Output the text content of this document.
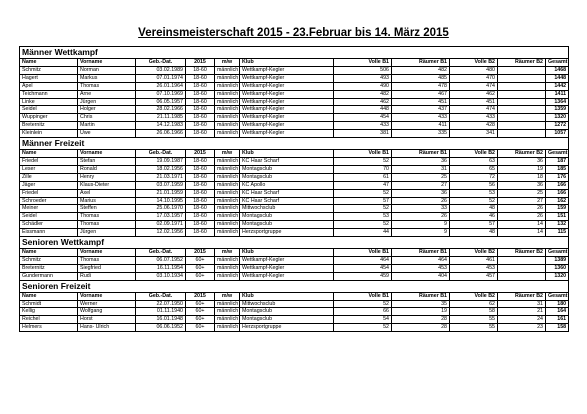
Vereinsmeisterschaft 2015 - 23.Februar bis 14. März 2015
Männer Wettkampf										
Name	Vorname	Geb.-Dat.	2015	m/w	Klub	Volle B1	Räumer B1	Volle B2	Räumer B2	Gesamt
Schmitz	Norman	03.02.1989	18-60	männlich	Wettkampf-Kegler	506	482	480		1468
Hagert	Markus	07.01.1974	18-60	männlich	Wettkampf-Kegler	493	485	470		1448
Apel	Thomas	26.01.1964	18-60	männlich	Wettkampf-Kegler	490	478	474		1442
Teichmann	Arne	07.10.1969	18-60	männlich	Wettkampf-Kegler	482	467	462		1411
Linke	Jürgen	06.05.1957	18-60	männlich	Wettkampf-Kegler	462	451	451		1364
Seidel	Holger	28.02.1966	18-60	männlich	Wettkampf-Kegler	448	437	474		1359
Wuppinger	Chris	21.11.1985	18-60	männlich	Wettkampf-Kegler	454	433	433		1320
Breternitz	Martin	14.12.1983	18-60	männlich	Wettkampf-Kegler	433	411	428		1272
Kleinlein	Uwe	26.06.1966	18-60	männlich	Wettkampf-Kegler	381	335	341		1057
Männer Freizeit										
Name	Vorname	Geb.-Dat.	2015	m/w	Klub	Volle B1	Räumer B1	Volle B2	Räumer B2	Gesamt
Friedel	Stefan	19.09.1987	18-60	männlich	KC Haar Scharf	52	36	63	36	187
Leser	Ronald	18.02.1956	18-60	männlich	Montagsclub	70	31	65	19	185
Zille	Henry	21.03.1971	18-60	männlich	Montagsclub	61	25	72	18	176
Jäger	Klaus-Dieter	03.07.1959	18-60	männlich	KC Apollo	47	27	56	36	166
Friedel	Axel	21.01.1959	18-60	männlich	KC Haar Scharf	52	36	53	25	166
Schroeder	Marius	14.10.1995	18-60	männlich	KC Haar Scharf	57	26	52	27	162
Meiner	Steffen	25.06.1970	18-60	männlich	Mittwochsclub	52	33	48	26	159
Seidel	Thomas	17.03.1957	18-60	männlich	Montagsclub	53	26	46	26	151
Schädler	Thomas	02.09.1971	18-60	männlich	Montagsclub	52	9	57	14	132
Eissmann	Jürgen	12.02.1956	18-60	männlich	Herzsportgruppe	44	9	48	14	115
Senioren Wettkampf										
Name	Vorname	Geb.-Dat.	2015	m/w	Klub	Volle B1	Räumer B1	Volle B2	Räumer B2	Gesamt
Schmitz	Thomas	06.07.1952	60+	männlich	Wettkampf-Kegler	464	464	461		1389
Breternitz	Siegfried	16.11.1954	60+	männlich	Wettkampf-Kegler	454	453	453		1360
Gundermann	Rudi	03.10.1934	60+	männlich	Wettkampf-Kegler	459	404	457		1320
Senioren Freizeit										
Name	Vorname	Geb.-Dat.	2015	m/w	Klub	Volle B1	Räumer B1	Volle B2	Räumer B2	Gesamt
Schmidt	Werner	22.07.1950	60+	männlich	Mittwochsclub	52	35	62	31	180
Kellig	Wolfgang	01.11.1940	60+	männlich	Montagsclub	66	19	58	21	164
Reichel	Horst	16.01.1948	60+	männlich	Montagsclub	54	28	55	24	161
Helmers	Hans- Ulrich	06.06.1952	60+	männlich	Herzsportgruppe	52	28	55	23	158
